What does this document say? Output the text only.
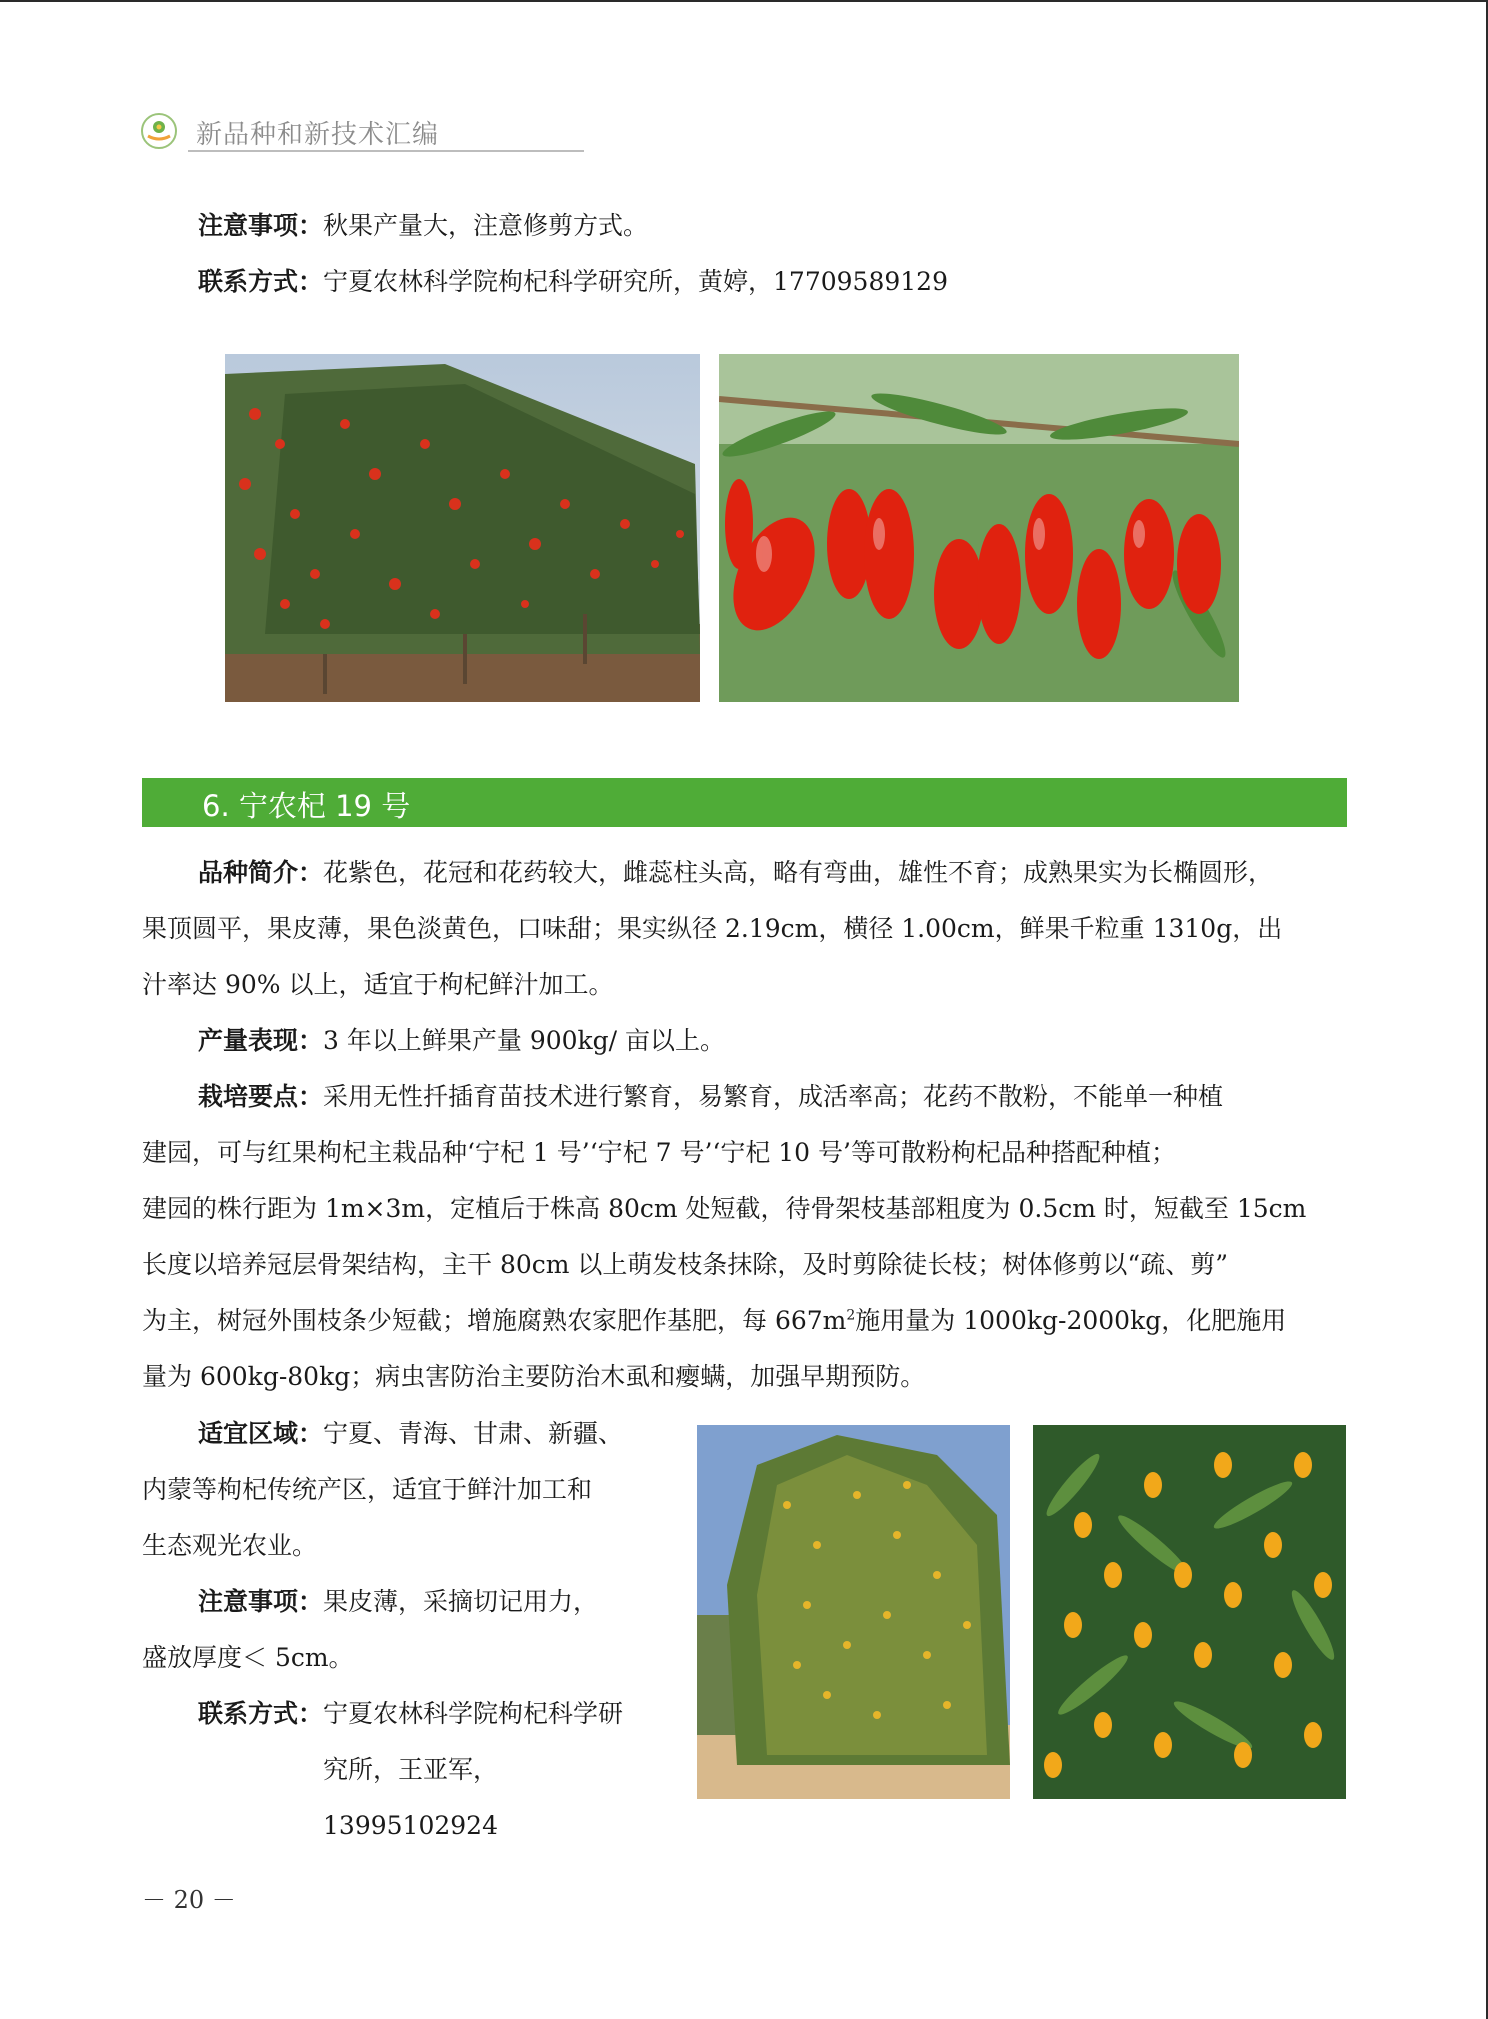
新品种和新技术汇编
注意事项：秋果产量大，注意修剪方式。
联系方式：宁夏农林科学院枸杞科学研究所，黄婷，17709589129
6. 宁农杞 19 号
品种简介：花紫色，花冠和花药较大，雌蕊柱头高，略有弯曲，雄性不育；成熟果实为长椭圆形，
果顶圆平，果皮薄，果色淡黄色，口味甜；果实纵径 2.19cm，横径 1.00cm，鲜果千粒重 1310g，出
汁率达 90% 以上，适宜于枸杞鲜汁加工。
产量表现：3 年以上鲜果产量 900kg/ 亩以上。
栽培要点：采用无性扦插育苗技术进行繁育，易繁育，成活率高；花药不散粉，不能单一种植
建园，可与红果枸杞主栽品种‘宁杞 1 号’‘宁杞 7 号’‘宁杞 10 号’等可散粉枸杞品种搭配种植；
建园的株行距为 1m×3m，定植后于株高 80cm 处短截，待骨架枝基部粗度为 0.5cm 时，短截至 15cm
长度以培养冠层骨架结构，主干 80cm 以上萌发枝条抹除，及时剪除徒长枝；树体修剪以“疏、剪”
为主，树冠外围枝条少短截；增施腐熟农家肥作基肥，每 $667m^2$施用量为 1000kg-2000kg，化肥施用
量为 600kg-80kg；病虫害防治主要防治木虱和瘿螨，加强早期预防。
适宜区域：宁夏、青海、甘肃、新疆、
内蒙等枸杞传统产区，适宜于鲜汁加工和
生态观光农业。
注意事项：果皮薄，采摘切记用力，
盛放厚度＜ 5cm。
联系方式：宁夏农林科学院枸杞科学研究所，王亚军，13995102924
－ 20 －
